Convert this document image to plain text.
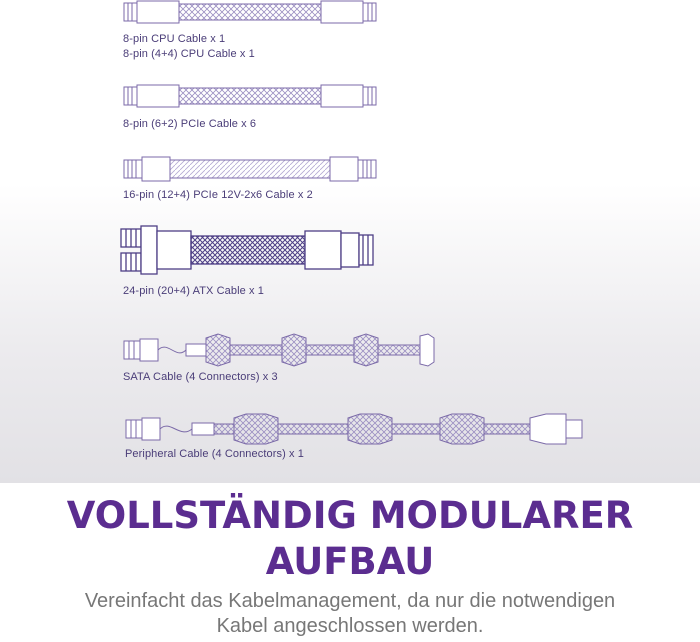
8-pin CPU Cable x 1
8-pin (4+4) CPU Cable x 1
8-pin (6+2) PCIe Cable x 6
16-pin (12+4) PCIe 12V-2x6 Cable x 2
24-pin (20+4) ATX Cable x 1
SATA Cable (4 Connectors) x 3
Peripheral Cable (4 Connectors) x 1
VOLLSTÄNDIG MODULARER
AUFBAU

Vereinfacht das Kabelmanagement, da nur die notwendigen
Kabel angeschlossen werden.
